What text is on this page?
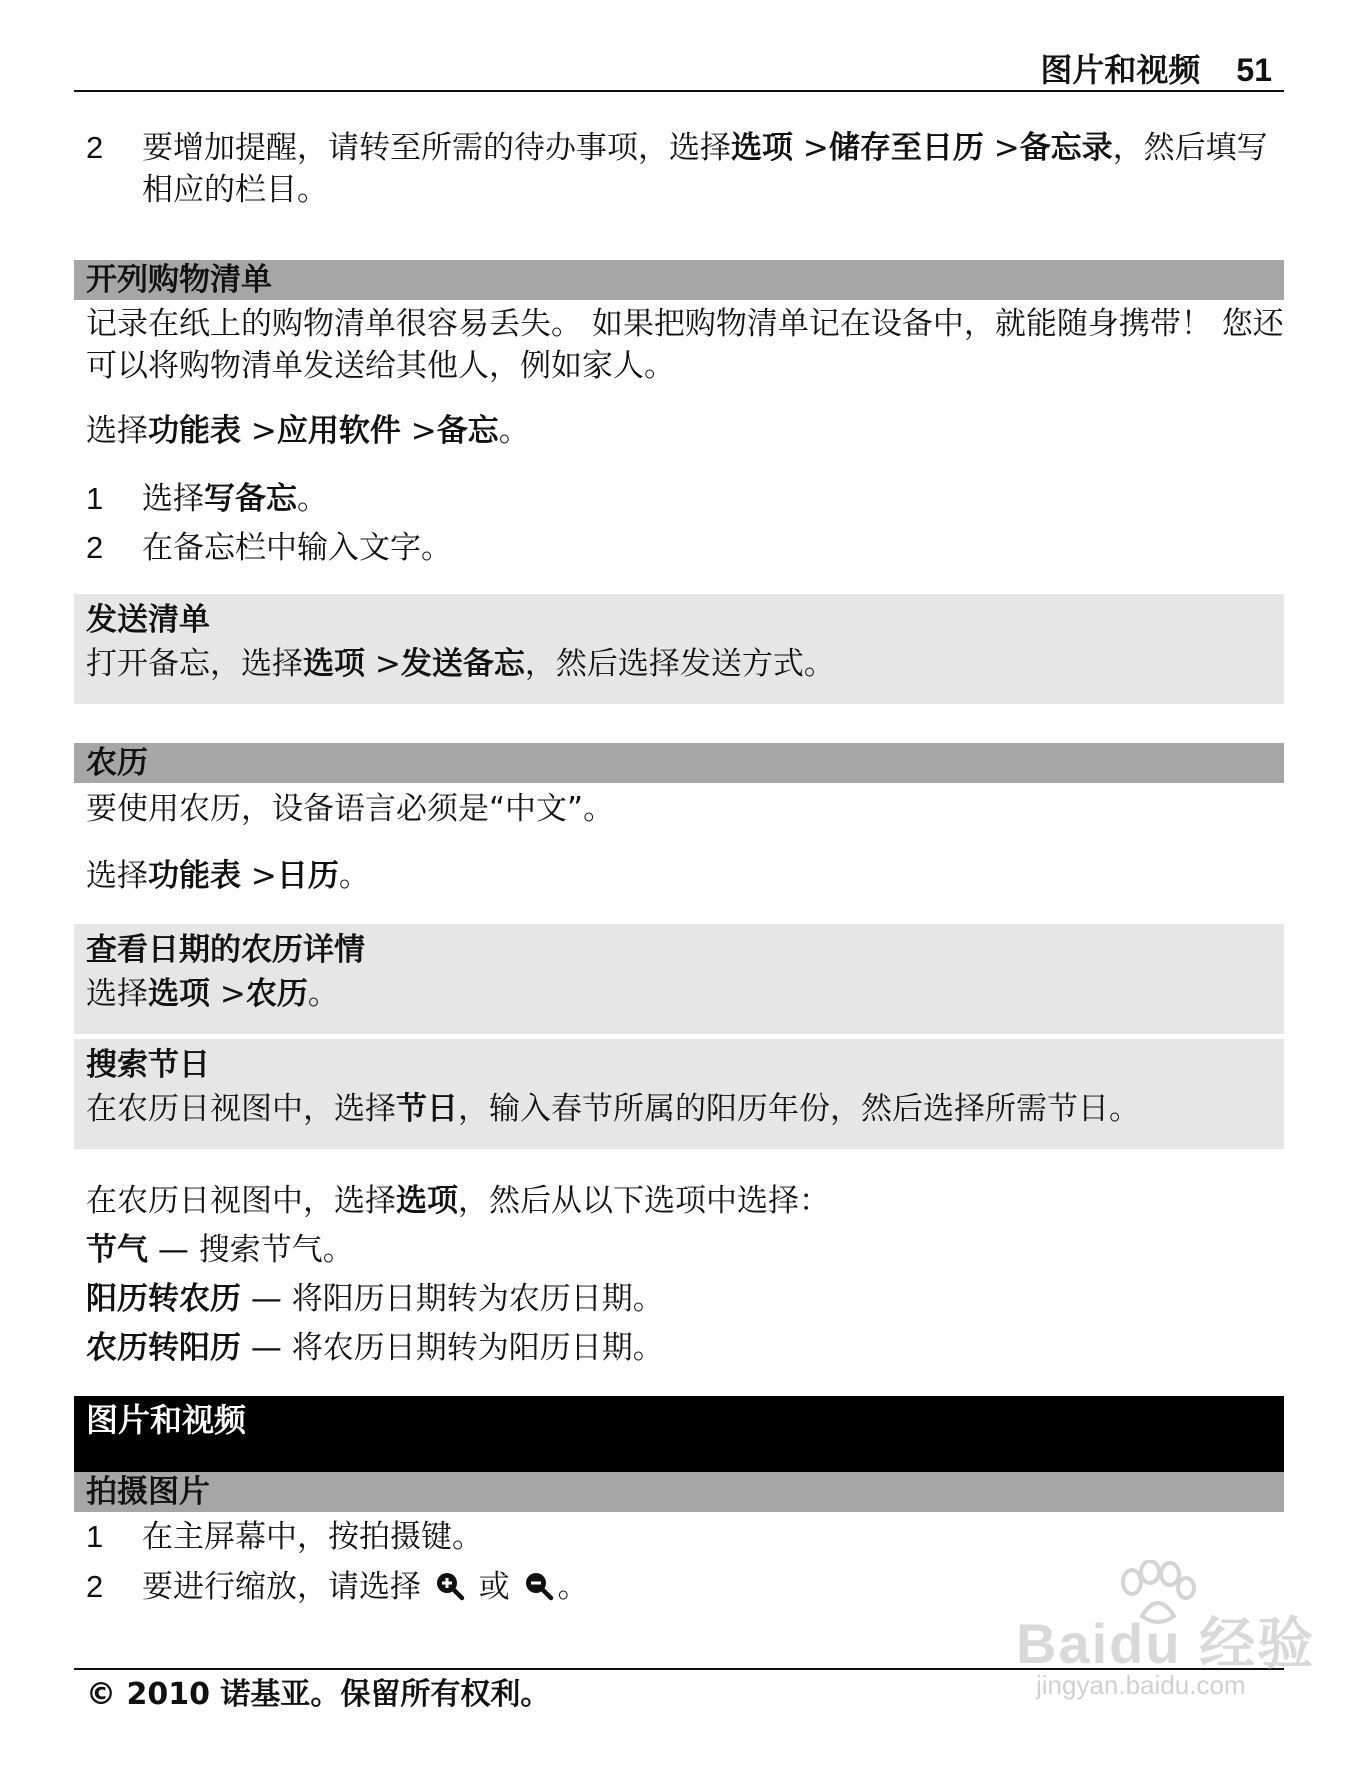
图片和视频 51
2	要增加提醒，请转至所需的待办事项，选择选项 >储存至日历 >备忘录，然后填写相应的栏目。
开列购物清单

记录在纸上的购物清单很容易丢失。 如果把购物清单记在设备中，就能随身携带！ 您还可以将购物清单发送给其他人，例如家人。

选择功能表 >应用软件 >备忘。

1	选择写备忘。
2	在备忘栏中输入文字。
发送清单
打开备忘，选择选项 >发送备忘，然后选择发送方式。
农历

要使用农历，设备语言必须是“中文”。

选择功能表 >日历。

查看日期的农历详情
选择选项 >农历。
搜索节日
在农历日视图中，选择节日，输入春节所属的阳历年份，然后选择所需节日。

在农历日视图中，选择选项，然后从以下选项中选择：

节气 — 搜索节气。

阳历转农历 — 将阳历日期转为农历日期。

农历转阳历 — 将农历日期转为阳历日期。

图片和视频
拍摄图片
1	在主屏幕中，按拍摄键。
2	要进行缩放，请选择
或
。
© 2010 诺基亚。保留所有权利。
Baidu 经验
jingyan.baidu.com
